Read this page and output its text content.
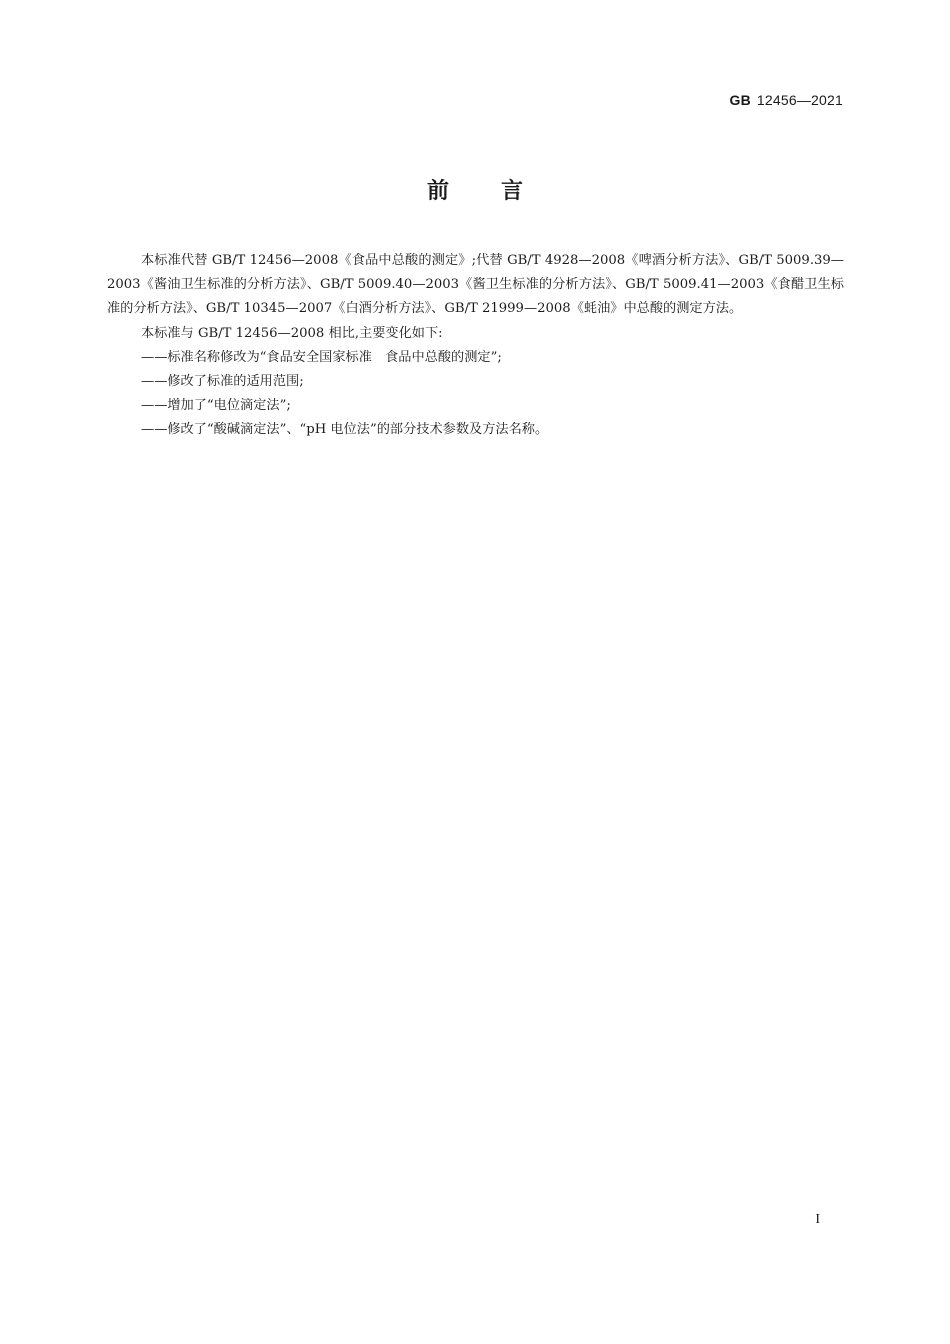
GB 12456—2021
前言

本标准代替 GB/T 12456—2008《食品中总酸的测定》;代替 GB/T 4928—2008《啤酒分析方法》、GB/T 5009.39—2003《酱油卫生标准的分析方法》、GB/T 5009.40—2003《酱卫生标准的分析方法》、GB/T 5009.41—2003《食醋卫生标准的分析方法》、GB/T 10345—2007《白酒分析方法》、GB/T 21999—2008《蚝油》中总酸的测定方法。

本标准与 GB/T 12456—2008 相比,主要变化如下:

——标准名称修改为“食品安全国家标准　食品中总酸的测定”;

——修改了标准的适用范围;

——增加了“电位滴定法”;

——修改了“酸碱滴定法”、“pH 电位法”的部分技术参数及方法名称。

I
